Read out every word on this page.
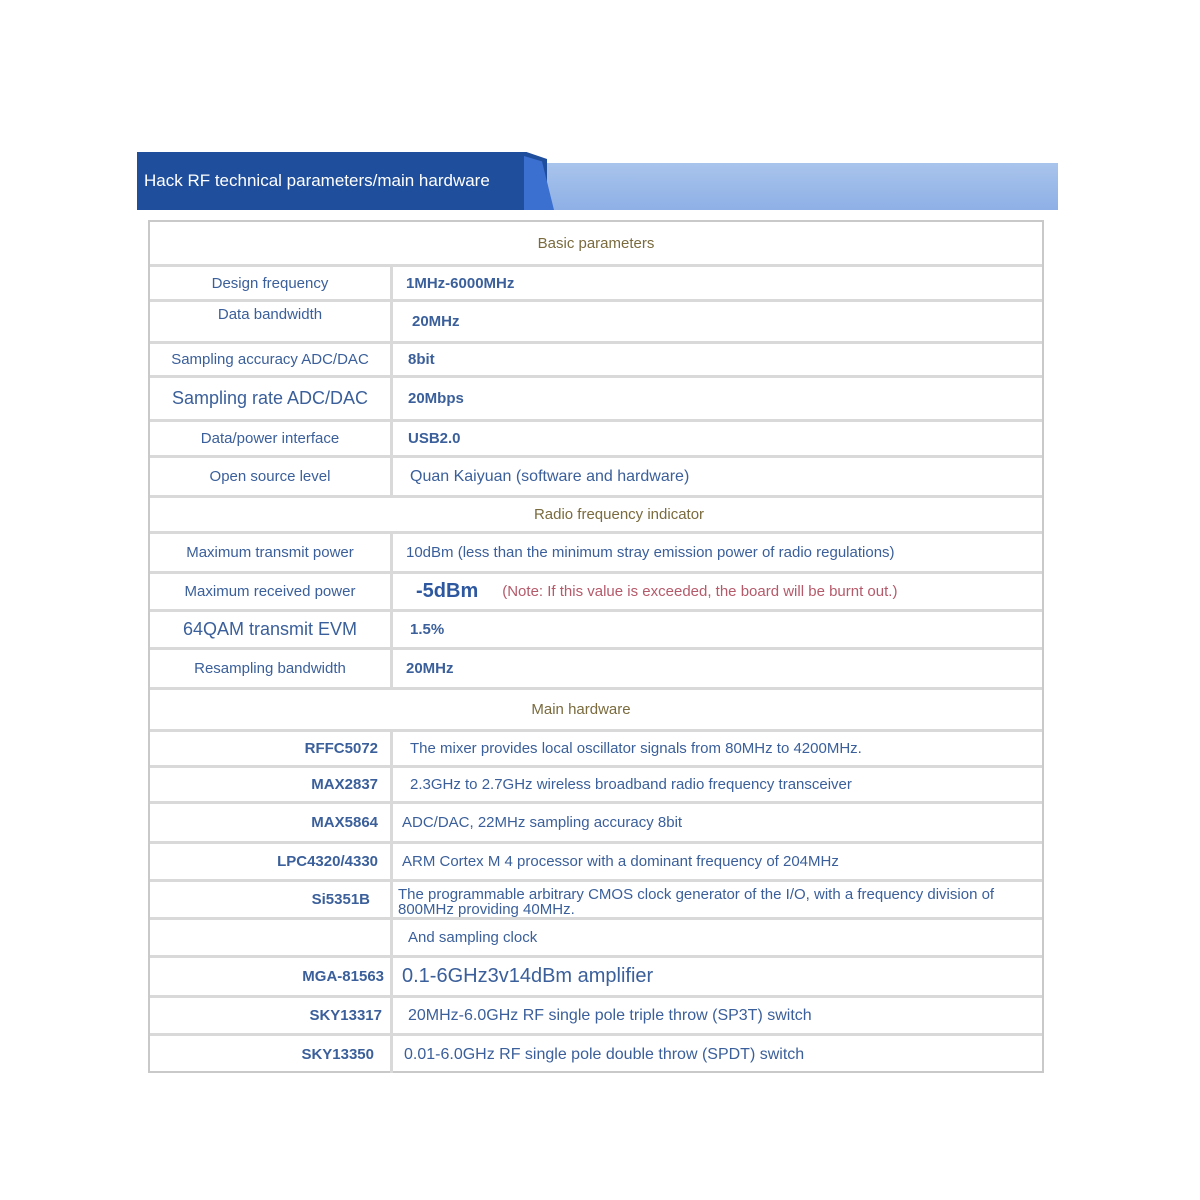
Hack RF technical parameters/main hardware
Basic parameters
Design frequency	1MHz-6000MHz
Data bandwidth	20MHz
Sampling accuracy ADC/DAC	8bit
Sampling rate ADC/DAC	20Mbps
Data/power interface	USB2.0
Open source level	Quan Kaiyuan (software and hardware)
Radio frequency indicator
Maximum transmit power	10dBm (less than the minimum stray emission power of radio regulations)
Maximum received power	-5dBm (Note: If this value is exceeded, the board will be burnt out.)
64QAM transmit EVM	1.5%
Resampling bandwidth	20MHz
Main hardware
RFFC5072	The mixer provides local oscillator signals from 80MHz to 4200MHz.
MAX2837	2.3GHz to 2.7GHz wireless broadband radio frequency transceiver
MAX5864	ADC/DAC, 22MHz sampling accuracy 8bit
LPC4320/4330	ARM Cortex M 4 processor with a dominant frequency of 204MHz
Si5351B	The programmable arbitrary CMOS clock generator of the I/O, with a frequency division of 800MHz providing 40MHz.
And sampling clock
MGA-81563 0.1-6GHz3v14dBm amplifier
SKY13317	20MHz-6.0GHz RF single pole triple throw (SP3T) switch
SKY13350	0.01-6.0GHz RF single pole double throw (SPDT) switch
